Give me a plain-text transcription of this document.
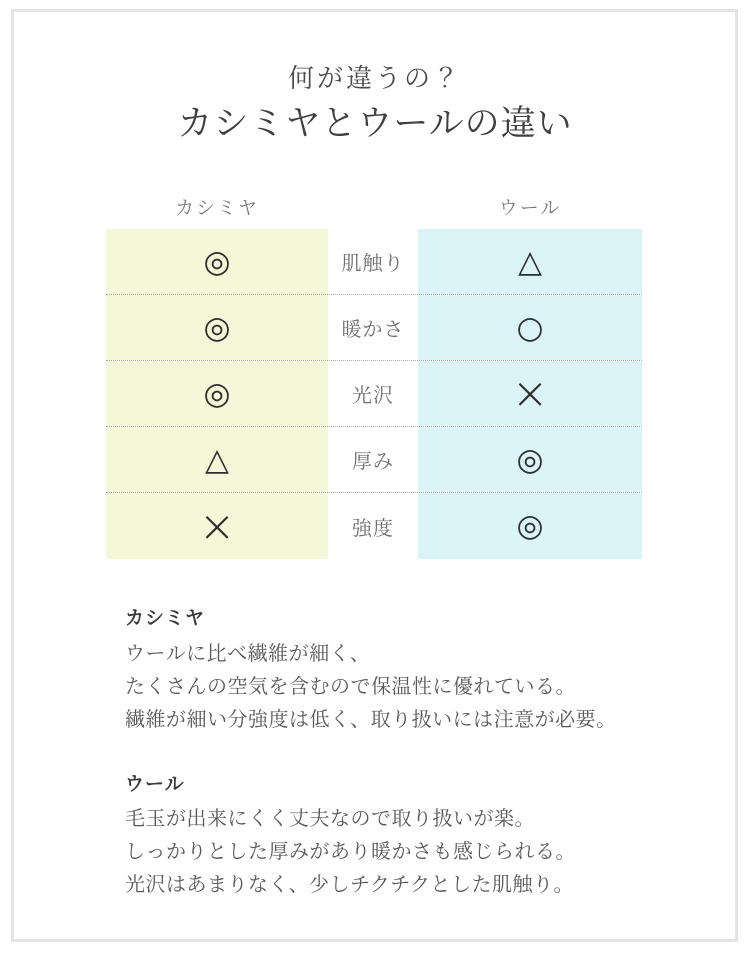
何が違うの？
カシミヤとウールの違い
カシミヤ	ウール
◎	肌触り	△
◎	暖かさ	○
◎	光沢	×
△	厚み	◎
×	強度	◎
カシミヤ
ウールに比べ繊維が細く、
たくさんの空気を含むので保温性に優れている。
繊維が細い分強度は低く、取り扱いには注意が必要。
ウール
毛玉が出来にくく丈夫なので取り扱いが楽。
しっかりとした厚みがあり暖かさも感じられる。
光沢はあまりなく、少しチクチクとした肌触り。
